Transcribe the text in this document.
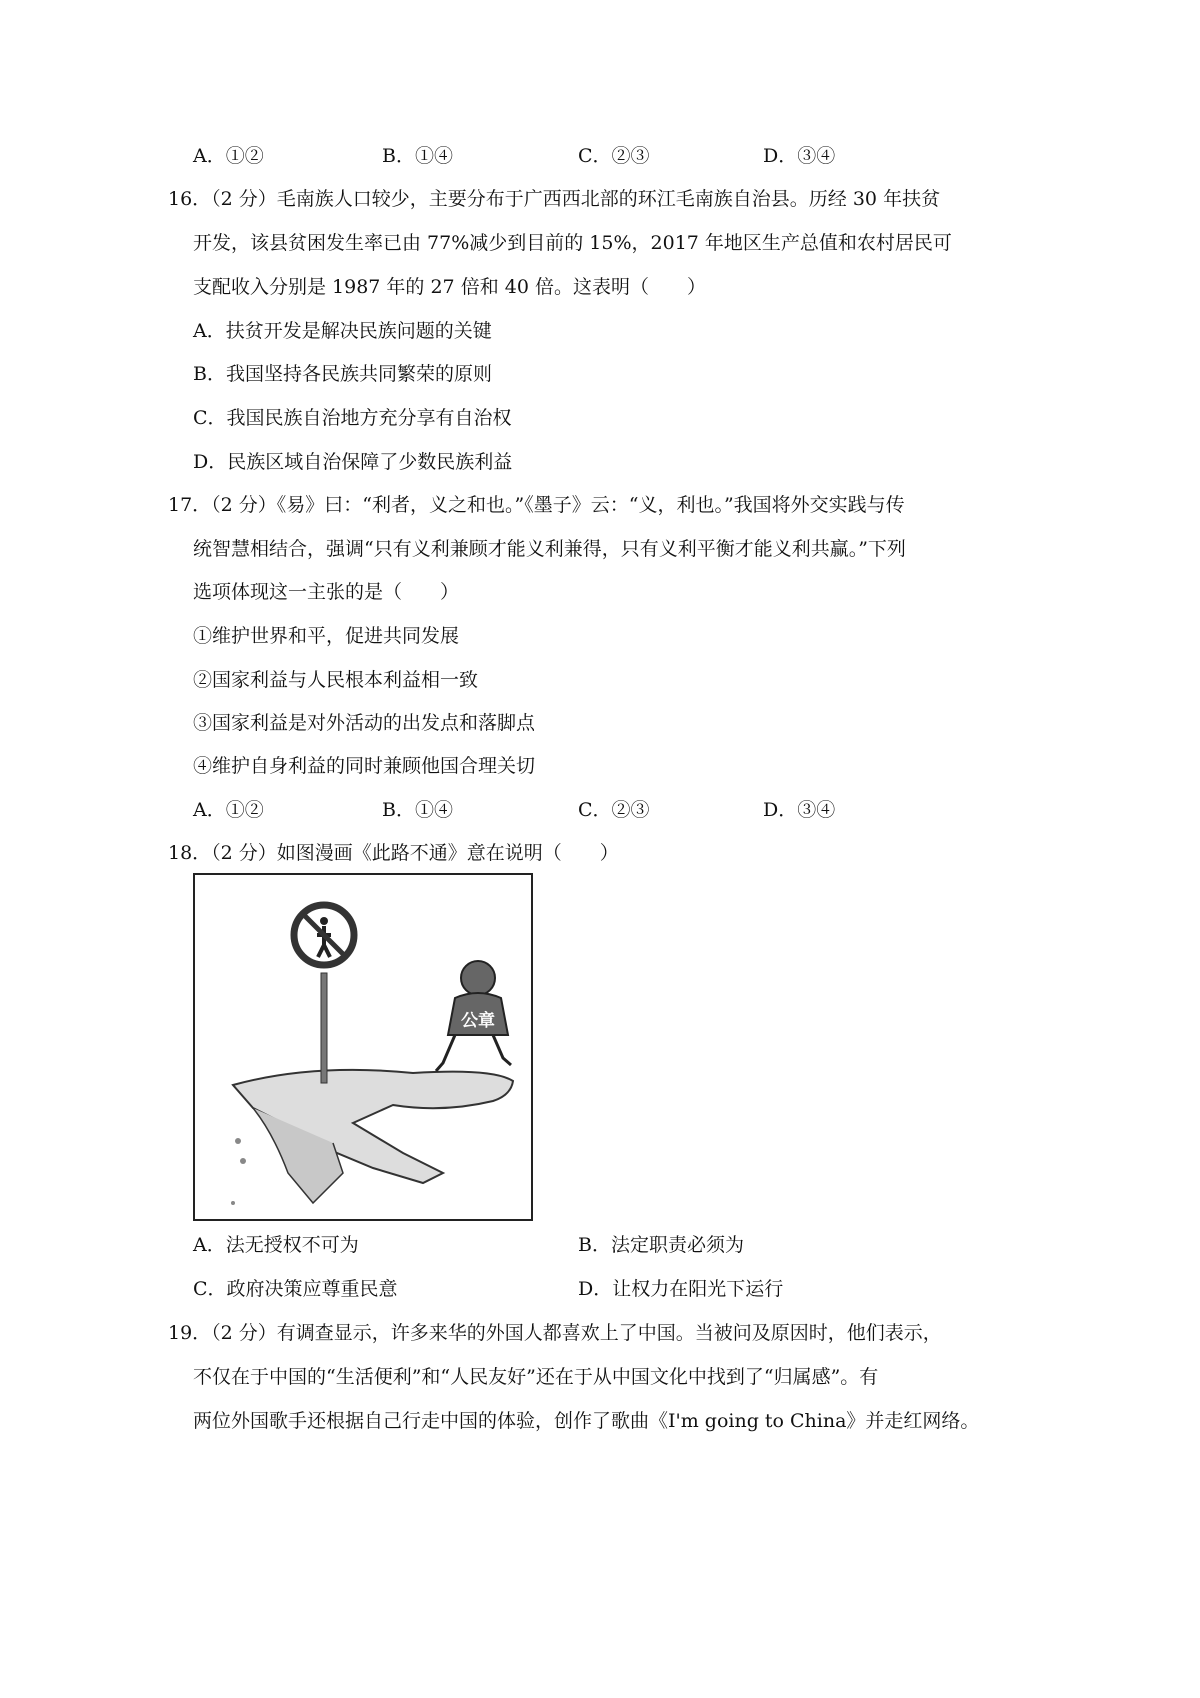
A．①②	B．①④	C．②③	D．③④
16．（2 分）毛南族人口较少，主要分布于广西西北部的环江毛南族自治县。历经 30 年扶贫
开发，该县贫困发生率已由 77%减少到目前的 15%，2017 年地区生产总值和农村居民可
支配收入分别是 1987 年的 27 倍和 40 倍。这表明（　　）
A．扶贫开发是解决民族问题的关键
B．我国坚持各民族共同繁荣的原则
C．我国民族自治地方充分享有自治权
D．民族区域自治保障了少数民族利益
17．（2 分）《易》曰：“利者，义之和也。”《墨子》云：“义，利也。”我国将外交实践与传
统智慧相结合，强调“只有义利兼顾才能义利兼得，只有义利平衡才能义利共赢。”下列
选项体现这一主张的是（　　）
①维护世界和平，促进共同发展
②国家利益与人民根本利益相一致
③国家利益是对外活动的出发点和落脚点
④维护自身利益的同时兼顾他国合理关切
A．①②	B．①④	C．②③	D．③④
18．（2 分）如图漫画《此路不通》意在说明（　　）
公章
A．法无授权不可为	B．法定职责必须为
C．政府决策应尊重民意	D．让权力在阳光下运行
19．（2 分）有调查显示，许多来华的外国人都喜欢上了中国。当被问及原因时，他们表示，
不仅在于中国的“生活便利”和“人民友好”还在于从中国文化中找到了“归属感”。有
两位外国歌手还根据自己行走中国的体验，创作了歌曲《I'm going to China》并走红网络。
